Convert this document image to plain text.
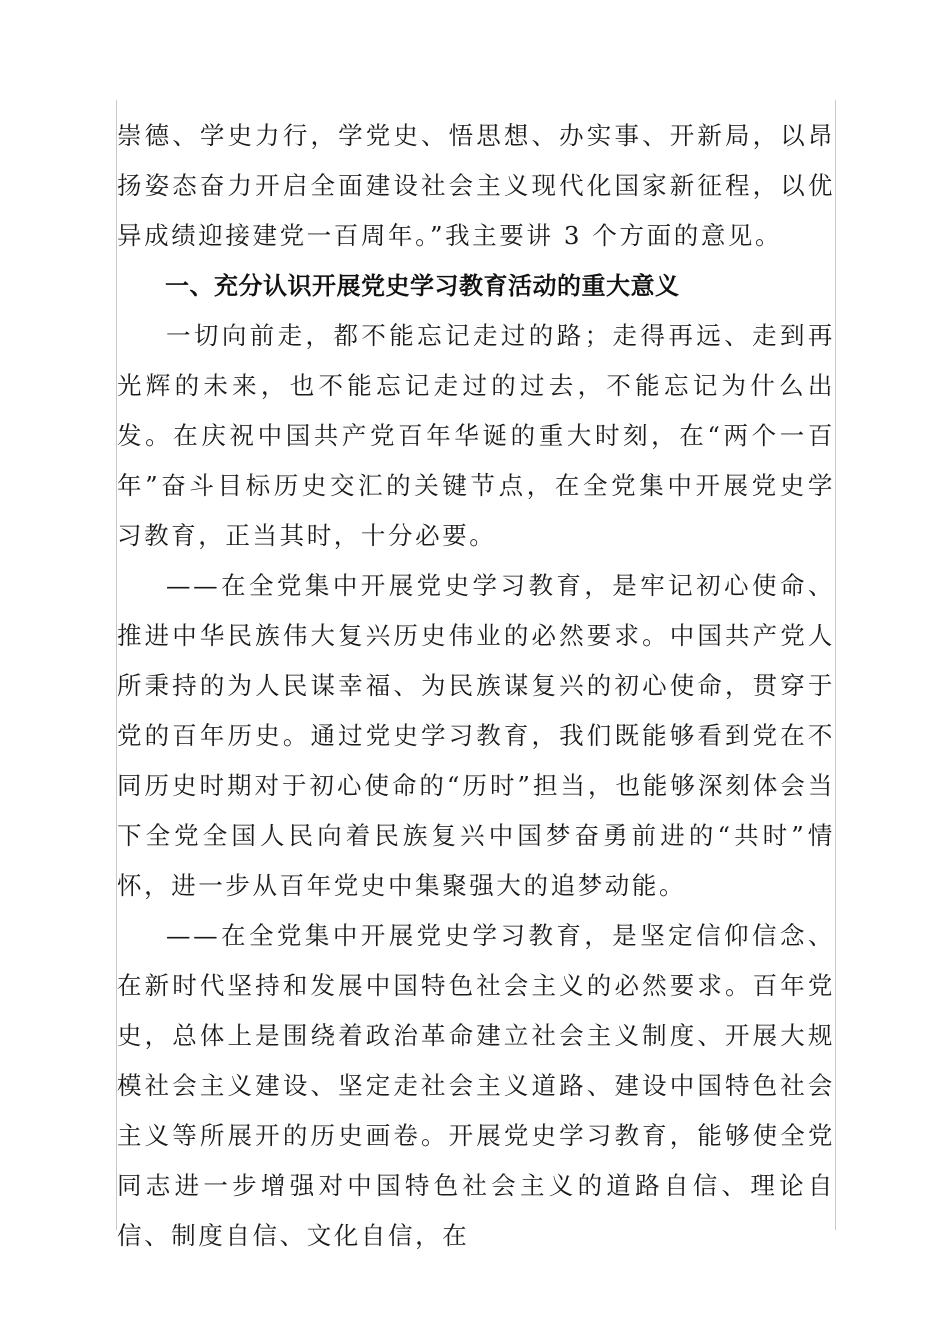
崇德、学史力行，学党史、悟思想、办实事、开新局，以昂扬姿态奋力开启全面建设社会主义现代化国家新征程，以优异成绩迎接建党一百周年。”我主要讲 3 个方面的意见。

一、充分认识开展党史学习教育活动的重大意义

一切向前走，都不能忘记走过的路；走得再远、走到再光辉的未来，也不能忘记走过的过去，不能忘记为什么出发。在庆祝中国共产党百年华诞的重大时刻，在“两个一百年”奋斗目标历史交汇的关键节点，在全党集中开展党史学习教育，正当其时，十分必要。

——在全党集中开展党史学习教育，是牢记初心使命、推进中华民族伟大复兴历史伟业的必然要求。中国共产党人所秉持的为人民谋幸福、为民族谋复兴的初心使命，贯穿于党的百年历史。通过党史学习教育，我们既能够看到党在不同历史时期对于初心使命的“历时”担当，也能够深刻体会当下全党全国人民向着民族复兴中国梦奋勇前进的“共时”情怀，进一步从百年党史中集聚强大的追梦动能。

——在全党集中开展党史学习教育，是坚定信仰信念、在新时代坚持和发展中国特色社会主义的必然要求。百年党史，总体上是围绕着政治革命建立社会主义制度、开展大规模社会主义建设、坚定走社会主义道路、建设中国特色社会主义等所展开的历史画卷。开展党史学习教育，能够使全党同志进一步增强对中国特色社会主义的道路自信、理论自信、制度自信、文化自信，在
